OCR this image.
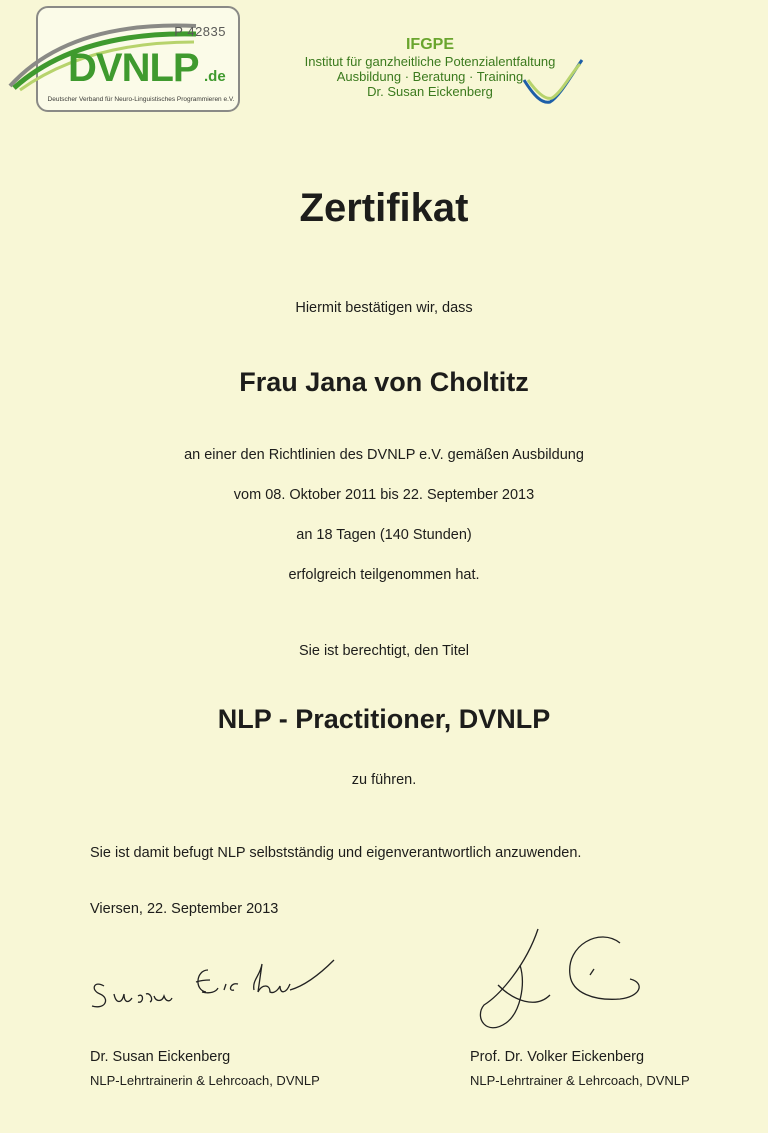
P 42835
DVNLP .de
Deutscher Verband für Neuro-Linguistisches Programmieren e.V.
IFGPE
Institut für ganzheitliche Potenzialentfaltung
Ausbildung · Beratung · Training
Dr. Susan Eickenberg
Zertifikat
Hiermit bestätigen wir, dass
Frau Jana von Choltitz
an einer den Richtlinien des DVNLP e.V. gemäßen Ausbildung
vom 08. Oktober 2011 bis 22. September 2013
an 18 Tagen (140 Stunden)
erfolgreich teilgenommen hat.
Sie ist berechtigt, den Titel
NLP - Practitioner, DVNLP
zu führen.
Sie ist damit befugt NLP selbstständig und eigenverantwortlich anzuwenden.
Viersen, 22. September 2013
Dr. Susan Eickenberg
NLP-Lehrtrainerin & Lehrcoach, DVNLP
Prof. Dr. Volker Eickenberg
NLP-Lehrtrainer & Lehrcoach, DVNLP
